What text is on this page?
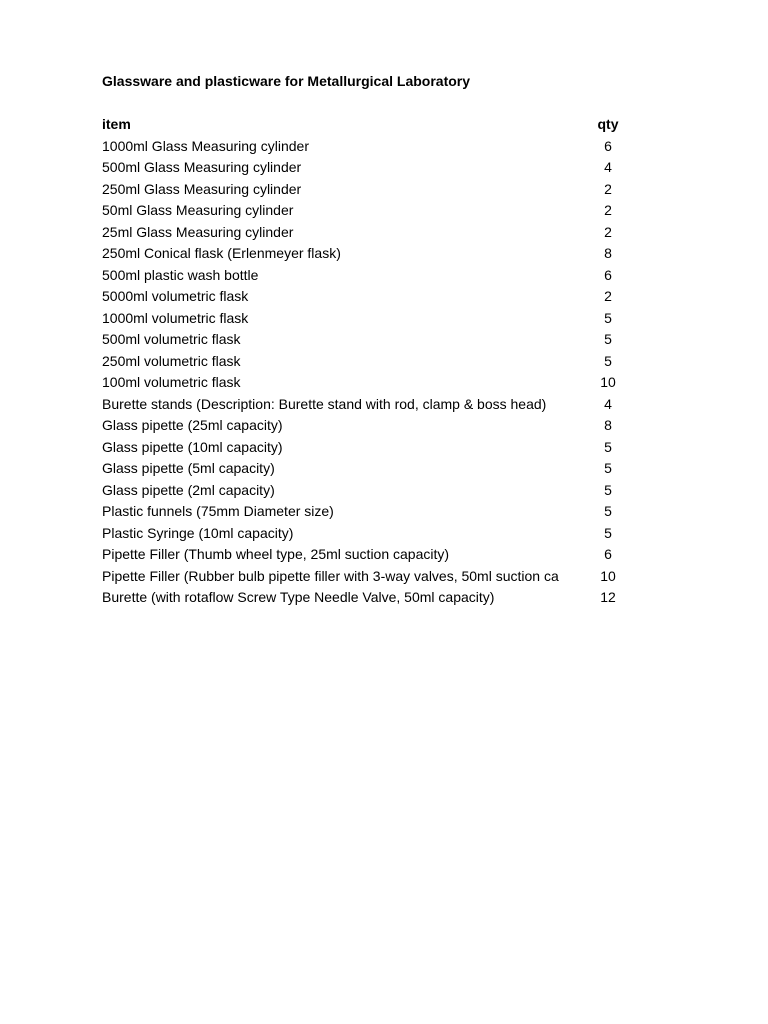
Glassware and plasticware for Metallurgical Laboratory
item	qty
1000ml Glass Measuring cylinder	6
500ml Glass Measuring cylinder	4
250ml Glass Measuring cylinder	2
50ml Glass Measuring cylinder	2
25ml Glass Measuring cylinder	2
250ml Conical flask (Erlenmeyer flask)	8
500ml plastic wash bottle	6
5000ml volumetric flask	2
1000ml volumetric flask	5
500ml volumetric flask	5
250ml volumetric flask	5
100ml volumetric flask	10
Burette stands (Description: Burette stand with rod, clamp & boss head)	4
Glass pipette (25ml capacity)	8
Glass pipette (10ml capacity)	5
Glass pipette (5ml capacity)	5
Glass pipette (2ml capacity)	5
Plastic funnels (75mm Diameter size)	5
Plastic Syringe (10ml capacity)	5
Pipette Filler (Thumb wheel type, 25ml suction capacity)	6
Pipette Filler (Rubber bulb pipette filler with 3-way valves, 50ml suction ca	10
Burette (with rotaflow Screw Type Needle Valve, 50ml capacity)	12
